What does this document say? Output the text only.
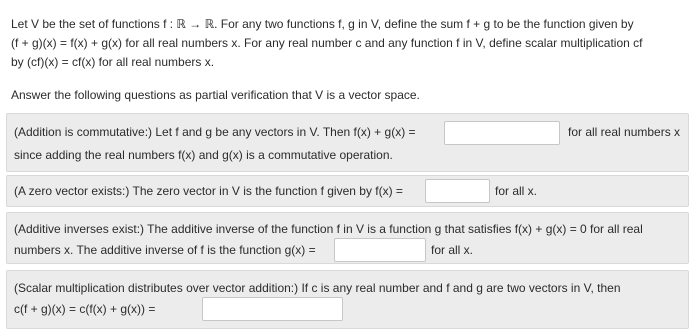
Let V be the set of functions f : ℝ → ℝ. For any two functions f, g in V, define the sum f + g to be the function given by
(f + g)(x) = f(x) + g(x) for all real numbers x. For any real number c and any function f in V, define scalar multiplication cf
by (cf)(x) = cf(x) for all real numbers x.
Answer the following questions as partial verification that V is a vector space.
(Addition is commutative:) Let f and g be any vectors in V. Then f(x) + g(x) =	for all real numbers x
since adding the real numbers f(x) and g(x) is a commutative operation.
(A zero vector exists:) The zero vector in V is the function f given by f(x) =	for all x.
(Additive inverses exist:) The additive inverse of the function f in V is a function g that satisfies f(x) + g(x) = 0 for all real
numbers x. The additive inverse of f is the function g(x) =	for all x.
(Scalar multiplication distributes over vector addition:) If c is any real number and f and g are two vectors in V, then
c(f + g)(x) = c(f(x) + g(x)) =
